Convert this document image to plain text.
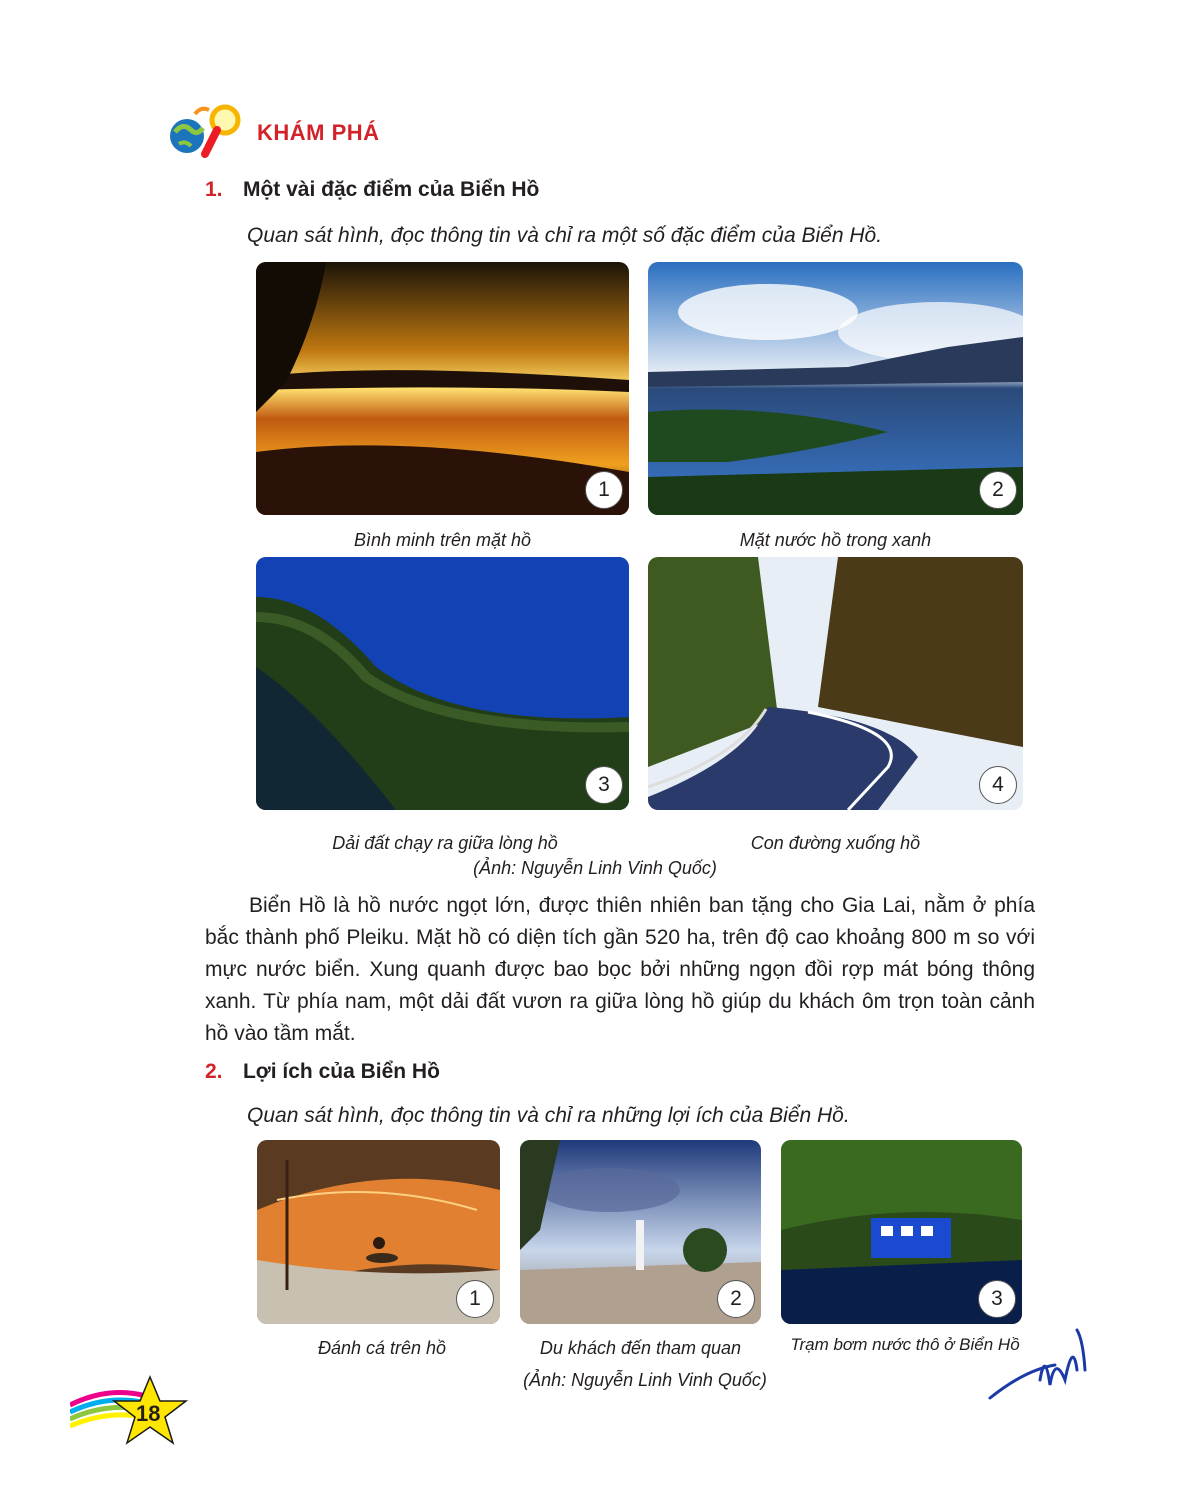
KHÁM PHÁ
1. Một vài đặc điểm của Biển Hồ
Quan sát hình, đọc thông tin và chỉ ra một số đặc điểm của Biển Hồ.
1	2
Bình minh trên mặt hồ	Mặt nước hồ trong xanh
3	4
Dải đất chạy ra giữa lòng hồ	Con đường xuống hồ
(Ảnh: Nguyễn Linh Vinh Quốc)

Biển Hồ là hồ nước ngọt lớn, được thiên nhiên ban tặng cho Gia Lai, nằm ở phía bắc thành phố Pleiku. Mặt hồ có diện tích gần 520 ha, trên độ cao khoảng 800 m so với mực nước biển. Xung quanh được bao bọc bởi những ngọn đồi rợp mát bóng thông xanh. Từ phía nam, một dải đất vươn ra giữa lòng hồ giúp du khách ôm trọn toàn cảnh hồ vào tầm mắt.

2. Lợi ích của Biển Hồ
Quan sát hình, đọc thông tin và chỉ ra những lợi ích của Biển Hồ.
1	2	3
Đánh cá trên hồ	Du khách đến tham quan	Trạm bơm nước thô ở Biển Hồ
(Ảnh: Nguyễn Linh Vinh Quốc)
18
